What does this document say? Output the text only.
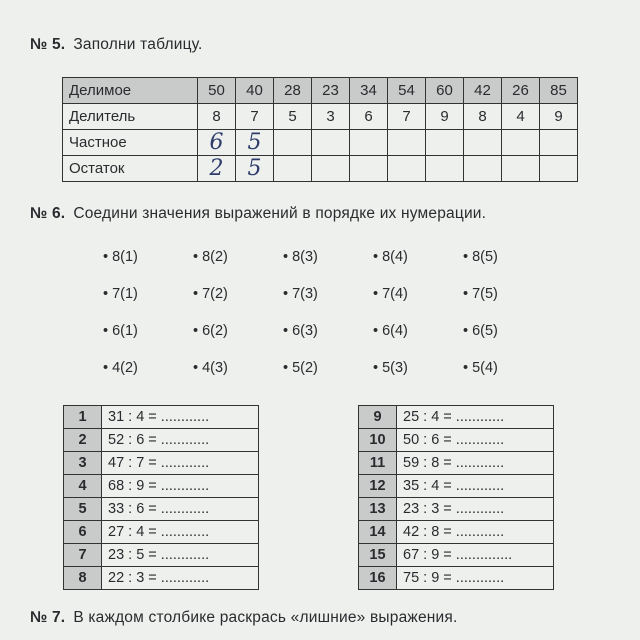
№ 5. Заполни таблицу.
Делимое	50	40	28	23	34	54	60	42	26	85
Делитель	8	7	5	3	6	7	9	8	4	9
Частное	6	5								
Остаток	2	5								
№ 6. Соедини значения выражений в порядке их нумерации.
• 8(1)	• 8(2)	• 8(3)	• 8(4)	• 8(5)
• 7(1)	• 7(2)	• 7(3)	• 7(4)	• 7(5)
• 6(1)	• 6(2)	• 6(3)	• 6(4)	• 6(5)
• 4(2)	• 4(3)	• 5(2)	• 5(3)	• 5(4)
1	31 : 4 = ............
2	52 : 6 = ............
3	47 : 7 = ............
4	68 : 9 = ............
5	33 : 6 = ............
6	27 : 4 = ............
7	23 : 5 = ............
8	22 : 3 = ............
9	25 : 4 = ............
10	50 : 6 = ............
11	59 : 8 = ............
12	35 : 4 = ............
13	23 : 3 = ............
14	42 : 8 = ............
15	67 : 9 = ..............
16	75 : 9 = ............
№ 7. В каждом столбике раскрась «лишние» выражения.
